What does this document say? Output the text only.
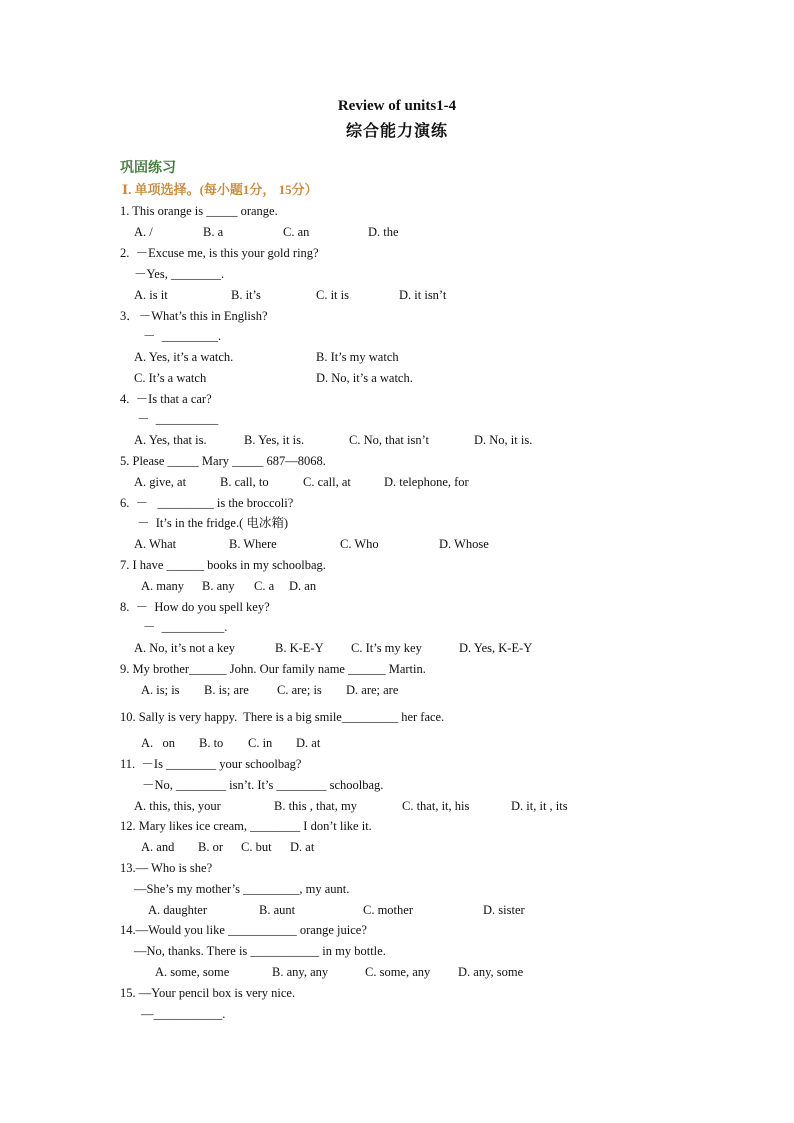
Review of units1-4
综合能力演练
巩固练习
Ⅰ. 单项选择。(每小题1分， 15分）
1. This orange is _____ orange.
2.  －Excuse me, is this your gold ring?
－Yes, ________.
3．－What’s this in English?
－  _________.
4.  －Is that a car?
－  __________
5. Please _____ Mary _____ 687—8068.
6.  －   _________ is the broccoli?
－  It’s in the fridge.( 电冰箱)
7. I have ______ books in my schoolbag.
8.  －  How do you spell key?
－  __________.
9. My brother______ John. Our family name ______ Martin.
10. Sally is very happy.  There is a big smile_________ her face.
11.  －Is ________ your schoolbag?
－No, ________ isn’t. It’s ________ schoolbag.
12. Mary likes ice cream, ________ I don’t like it.
13.— Who is she?
—She’s my mother’s _________, my aunt.
14.—Would you like ___________ orange juice?
—No, thanks. There is ___________ in my bottle.
15. —Your pencil box is very nice.
—___________.
A. /	B. a	C. an	D. the
A. is it	B. it’s	C. it is	D. it isn’t
A. Yes, it’s a watch.	B. It’s my watch
C. It’s a watch	D. No, it’s a watch.
A. Yes, that is.	B. Yes, it is.	C. No, that isn’t	D. No, it is.
A. give, at	B. call, to	C. call, at	D. telephone, for
A. What	B. Where	C. Who	D. Whose
A. many B. any C. a D. an
A. No, it’s not a key	B. K-E-Y C. It’s my key	D. Yes, K-E-Y
A. is; is B. is; are C. are; is D. are; are
A.   on B. to C. in D. at
A. this, this, your	B. this , that, my	C. that, it, his	D. it, it , its
A. and B. or C. but D. at
A. daughter	B. aunt	C. mother	D. sister
A. some, some	B. any, any	C. some, any D. any, some
